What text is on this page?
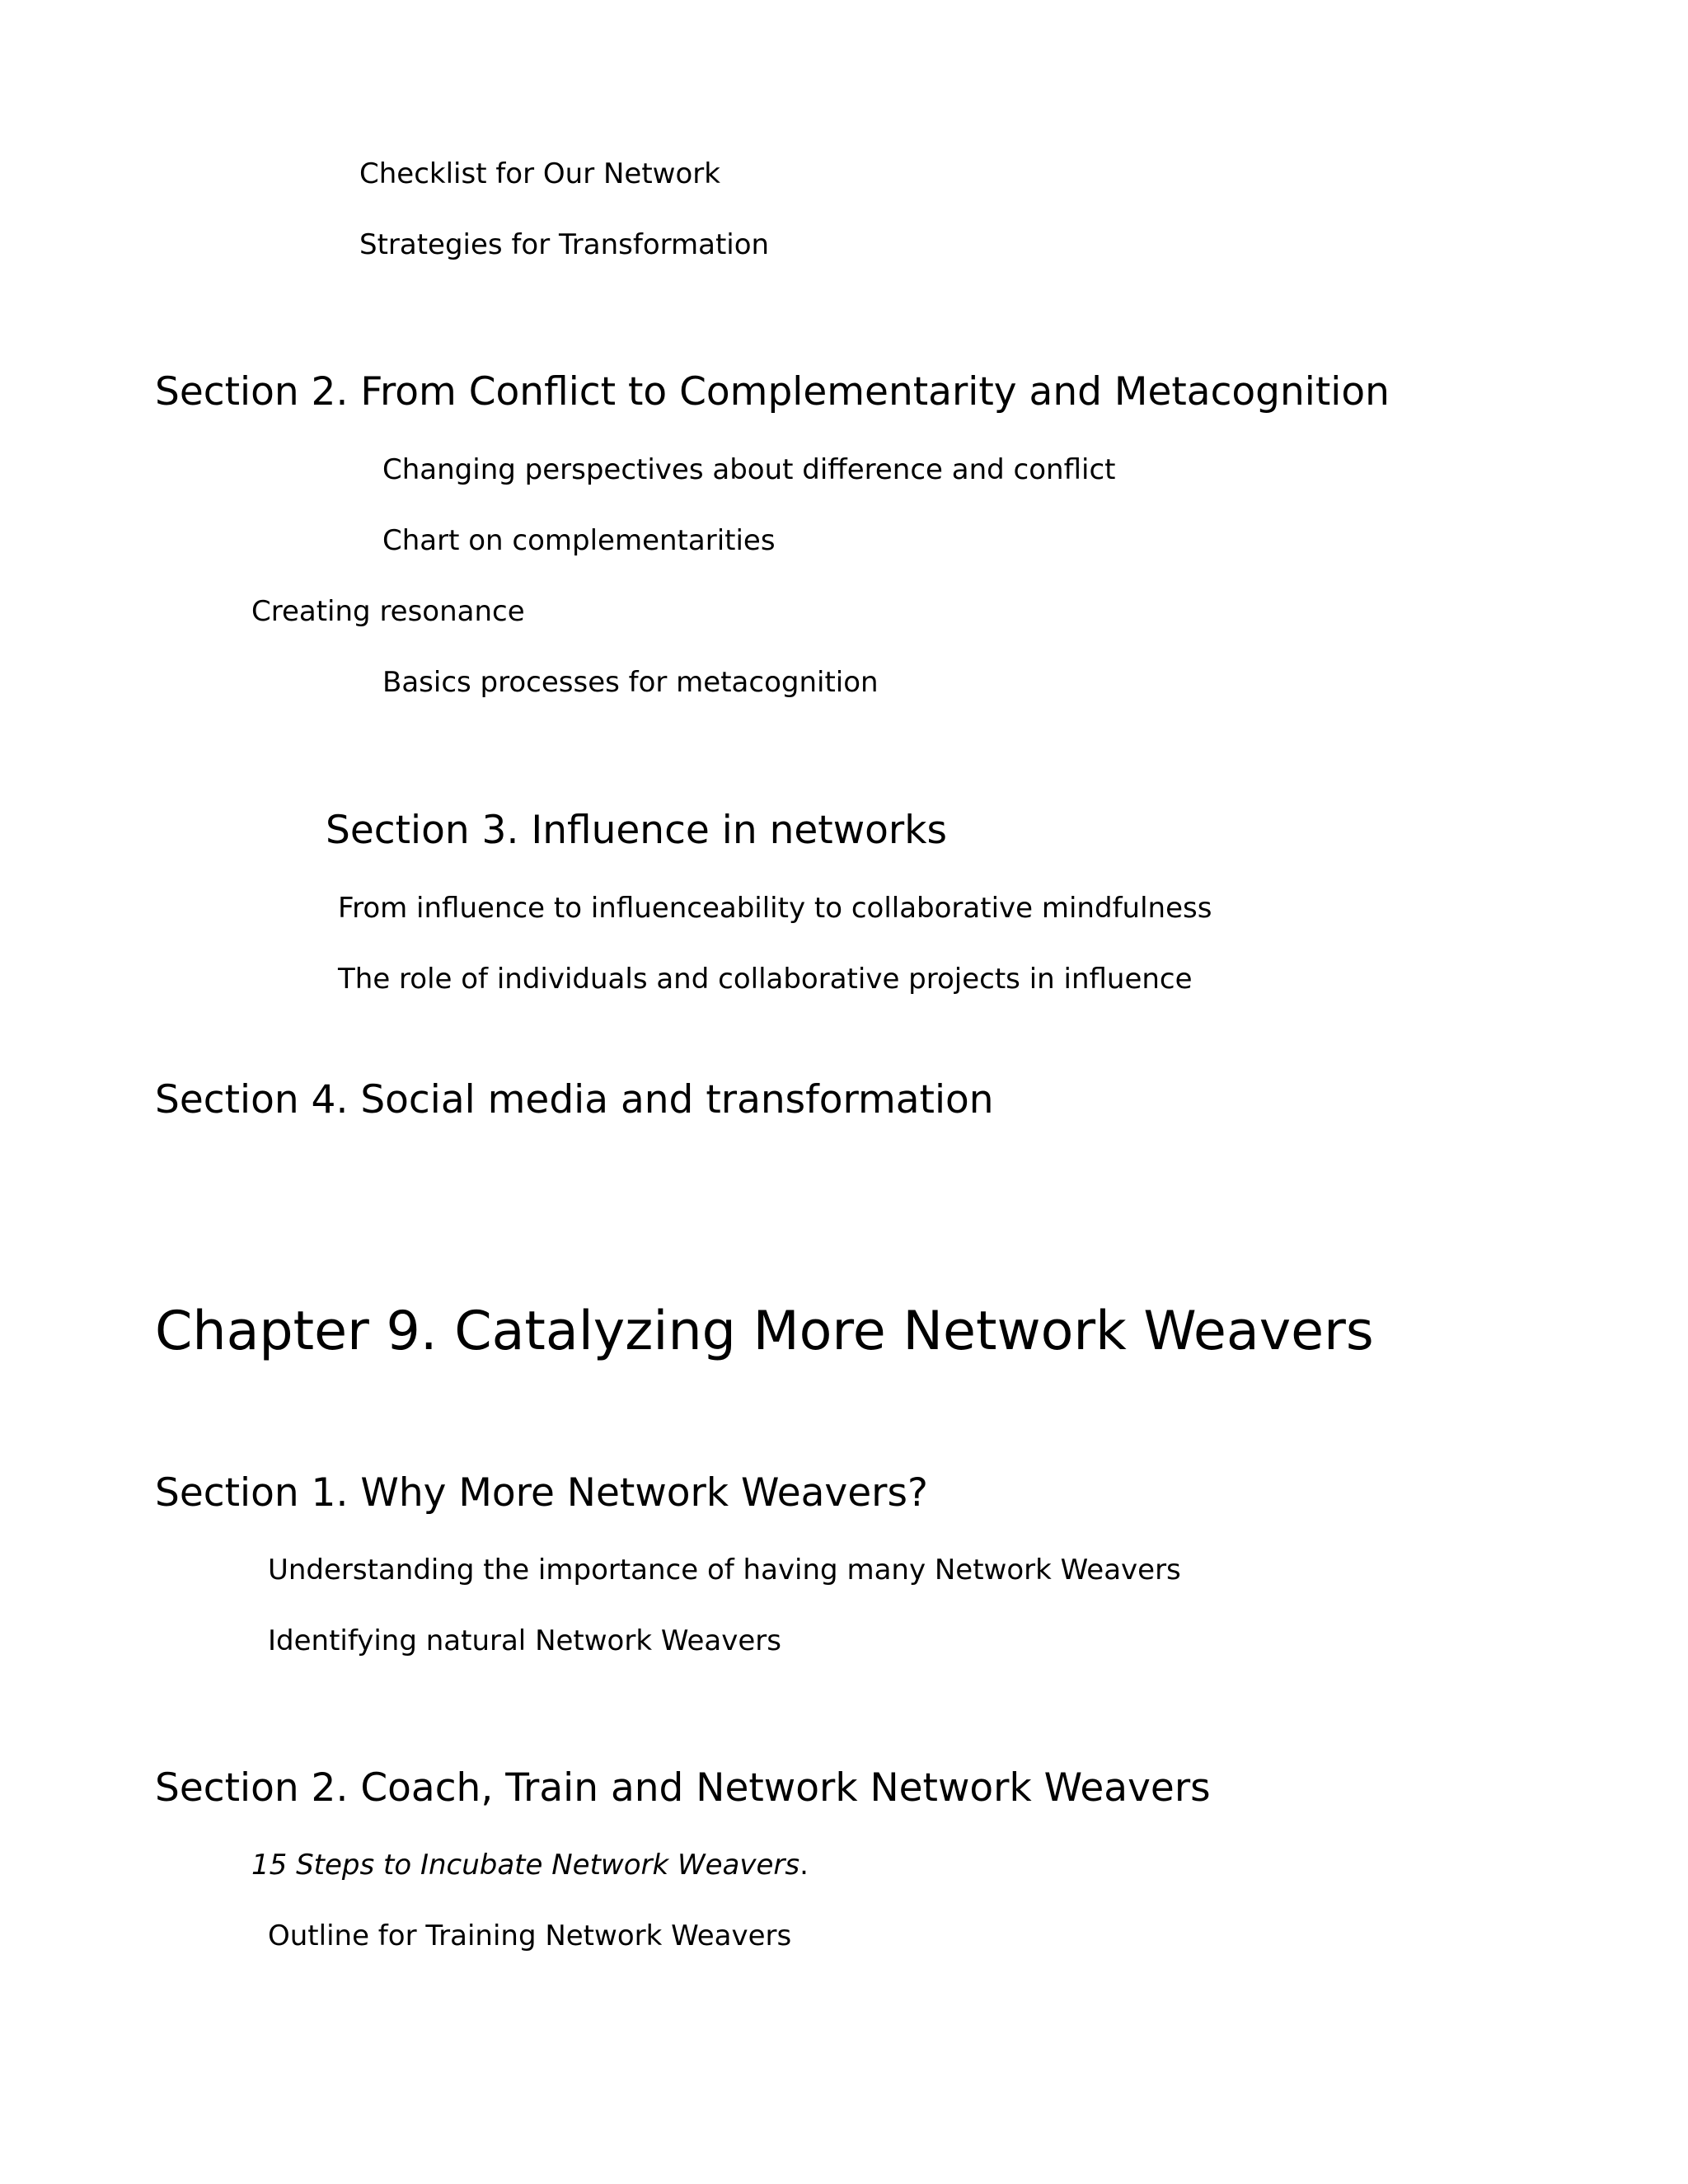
Checklist for Our Network

Strategies for Transformation

Section 2. From Conflict to Complementarity and Metacognition

Changing perspectives about difference and conflict

Chart on complementarities

Creating resonance

Basics processes for metacognition

Section 3. Influence in networks

From influence to influenceability to collaborative mindfulness

The role of individuals and collaborative projects in influence

Section 4. Social media and transformation
Chapter 9. Catalyzing More Network Weavers
Section 1. Why More Network Weavers?

Understanding the importance of having many Network Weavers

Identifying natural Network Weavers

Section 2. Coach, Train and Network Network Weavers

15 Steps to Incubate Network Weavers.

Outline for Training Network Weavers
